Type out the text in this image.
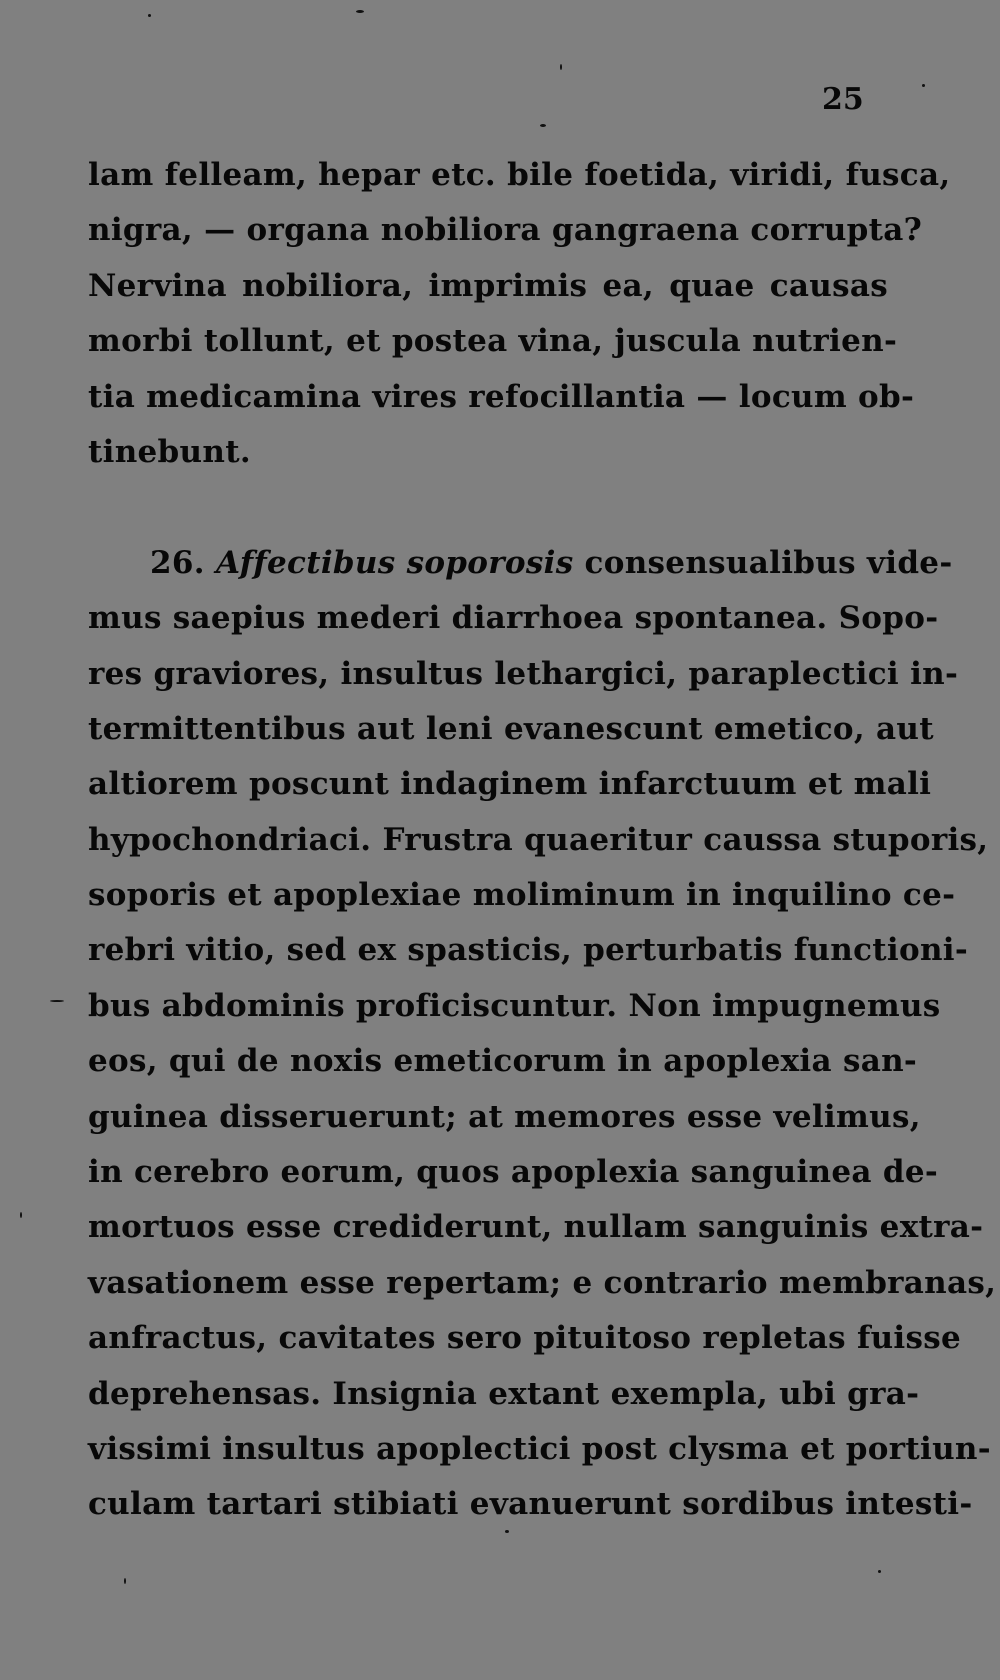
25
lam felleam, hepar etc. bile foetida, viridi, fusca,
nigra, — organa nobiliora gangraena corrupta?
Nervina nobiliora, imprimis ea, quae causas
morbi tollunt, et postea vina, juscula nutrien-
tia medicamina vires refocillantia — locum ob-
tinebunt.
26. Affectibus soporosis consensualibus vide-
mus saepius mederi diarrhoea spontanea. Sopo-
res graviores, insultus lethargici, paraplectici in-
termittentibus aut leni evanescunt emetico, aut
altiorem poscunt indaginem infarctuum et mali
hypochondriaci. Frustra quaeritur caussa stuporis,
soporis et apoplexiae moliminum in inquilino ce-
rebri vitio, sed ex spasticis, perturbatis functioni-
bus abdominis proficiscuntur. Non impugnemus
eos, qui de noxis emeticorum in apoplexia san-
guinea disseruerunt; at memores esse velimus,
in cerebro eorum, quos apoplexia sanguinea de-
mortuos esse crediderunt, nullam sanguinis extra-
vasationem esse repertam; e contrario membranas,
anfractus, cavitates sero pituitoso repletas fuisse
deprehensas. Insignia extant exempla, ubi gra-
vissimi insultus apoplectici post clysma et portiun-
culam tartari stibiati evanuerunt sordibus intesti-
